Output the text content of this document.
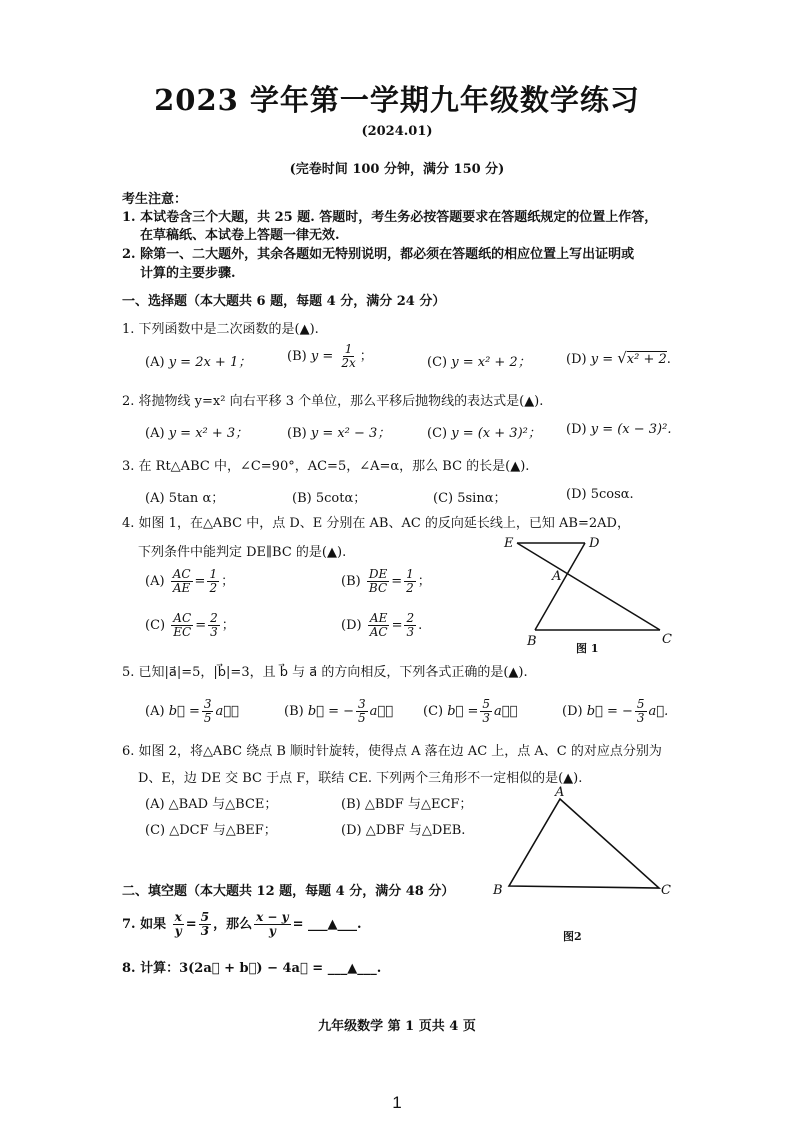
2023 学年第一学期九年级数学练习
(2024.01)
(完卷时间 100 分钟，满分 150 分)
考生注意：
1. 本试卷含三个大题，共 25 题. 答题时，考生务必按答题要求在答题纸规定的位置上作答，
在草稿纸、本试卷上答题一律无效.
2. 除第一、二大题外，其余各题如无特别说明，都必须在答题纸的相应位置上写出证明或
计算的主要步骤.
一、选择题（本大题共 6 题，每题 4 分，满分 24 分）
1. 下列函数中是二次函数的是(▲).
(A) y = 2x + 1；	(B) $y = \frac{1}{2x}$ ；	(C) y = x² + 2；	(D) y = √x² + 2.
2. 将抛物线 y=x² 向右平移 3 个单位，那么平移后抛物线的表达式是(▲).
(A) y = x² + 3；	(B) y = x² − 3；	(C) y = (x + 3)²； (D) y = (x − 3)².
3. 在 Rt△ABC 中，∠C=90°，AC=5，∠A=α，那么 BC 的长是(▲).
(A) 5tan α；	(B) 5cotα；	(C) 5sinα；	(D) 5cosα.
4. 如图 1，在△ABC 中，点 D、E 分别在 AB、AC 的反向延长线上，已知 AB=2AD，
下列条件中能判定 DE∥BC 的是(▲).
$(A) \frac{AC}{AE} = \frac{1}{2}$ ；	$(B) \frac{DE}{BC} = \frac{1}{2}$ ；
$(C) \frac{AC}{EC} = \frac{2}{3}$ ；	$(D) \frac{AE}{AC} = \frac{2}{3}$ .
E	D
A
B	C
图 1
5. 已知|a⃗|=5，|b⃗|=3，且 b⃗ 与 a⃗ 的方向相反，下列各式正确的是(▲).
(A) b⃗ = $\frac{3}{5}$ a⃗；	(B) b⃗ = − $\frac{3}{5}$ a⃗； (C) b⃗ = $\frac{5}{3}$ a⃗；	(D) b⃗ = − $\frac{5}{3}$ a⃗.
6. 如图 2，将△ABC 绕点 B 顺时针旋转，使得点 A 落在边 AC 上，点 A、C 的对应点分别为
D、E，边 DE 交 BC 于点 F，联结 CE. 下列两个三角形不一定相似的是(▲).
(A) △BAD 与△BCE；	(B) △BDF 与△ECF；
(C) △DCF 与△BEF；	(D) △DBF 与△DEB.
A
B	C
图2
二、填空题（本大题共 12 题，每题 4 分，满分 48 分）
7. 如果 $\frac{x}{y} = \frac{5}{3}$ ，那么 $\frac{x - y}{y}$ = ___▲___.
8. 计算：3(2a⃗ + b⃗) − 4a⃗ = ___▲___.
九年级数学 第 1 页共 4 页
1
